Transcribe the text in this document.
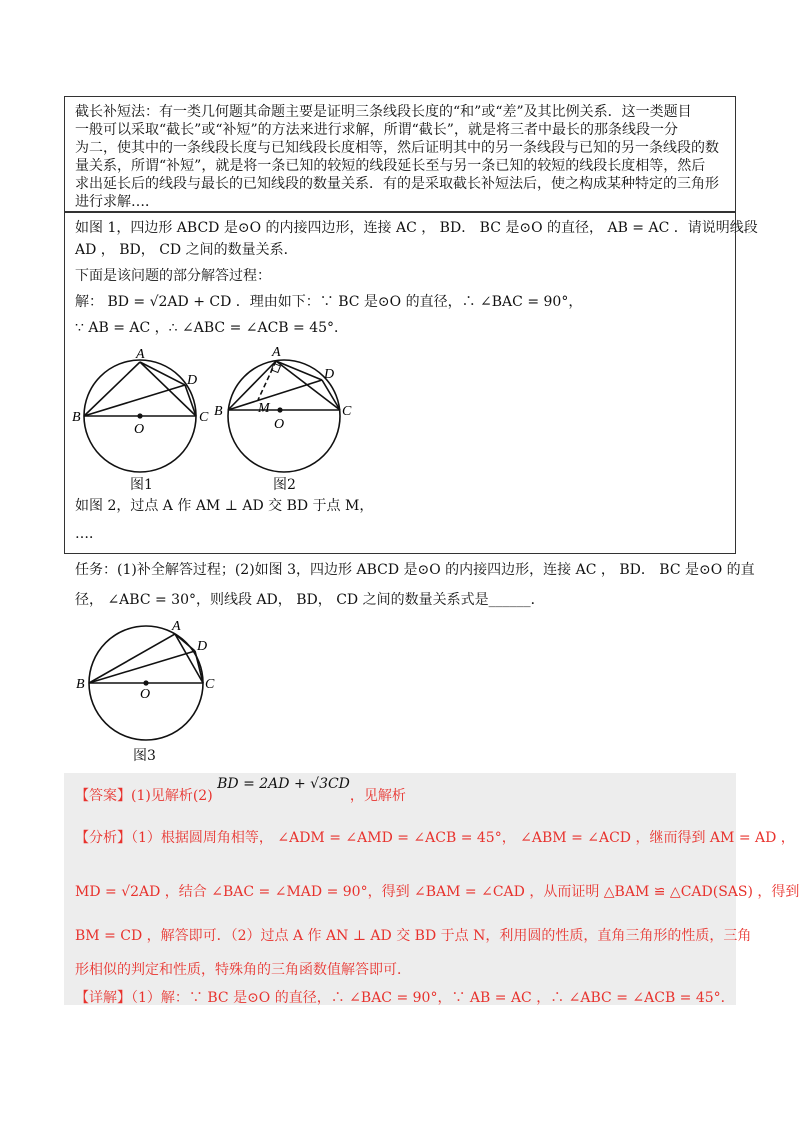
截长补短法：有一类几何题其命题主要是证明三条线段长度的“和”或“差”及其比例关系．这一类题目
一般可以采取“截长”或“补短”的方法来进行求解，所谓“截长”，就是将三者中最长的那条线段一分
为二，使其中的一条线段长度与已知线段长度相等，然后证明其中的另一条线段与已知的另一条线段的数
量关系，所谓“补短”，就是将一条已知的较短的线段延长至与另一条已知的较短的线段长度相等，然后
求出延长后的线段与最长的已知线段的数量关系．有的是采取截长补短法后，使之构成某种特定的三角形
进行求解…．
如图 1，四边形 ABCD 是⊙O 的内接四边形，连接 AC ， BD． BC 是⊙O 的直径， AB = AC ．请说明线段
AD ， BD， CD 之间的数量关系．
下面是该问题的部分解答过程：
解： BD = √2AD + CD ．理由如下：∵ BC 是⊙O 的直径，∴ ∠BAC = 90°，
∵ AB = AC ，∴ ∠ABC = ∠ACB = 45°．
A
B	C
D
O
A
B	C
D
M
O
图1	图2
如图 2，过点 A 作 AM ⊥ AD 交 BD 于点 M，
…．
任务：(1)补全解答过程；(2)如图 3，四边形 ABCD 是⊙O 的内接四边形，连接 AC ， BD． BC 是⊙O 的直
径， ∠ABC = 30°，则线段 AD， BD， CD 之间的数量关系式是______．
A
B	C
D
O
图3
【答案】(1)见解析(2) BD = 2AD + √3CD，见解析
【分析】（1）根据圆周角相等， ∠ADM = ∠AMD = ∠ACB = 45°， ∠ABM = ∠ACD ，继而得到 AM = AD ，
MD = √2AD ，结合 ∠BAC = ∠MAD = 90°，得到 ∠BAM = ∠CAD ，从而证明 △BAM ≌ △CAD(SAS) ，得到
BM = CD ，解答即可．（2）过点 A 作 AN ⊥ AD 交 BD 于点 N，利用圆的性质，直角三角形的性质，三角
形相似的判定和性质，特殊角的三角函数值解答即可．
【详解】（1）解：∵ BC 是⊙O 的直径，∴ ∠BAC = 90°，∵ AB = AC ，∴ ∠ABC = ∠ACB = 45°．
